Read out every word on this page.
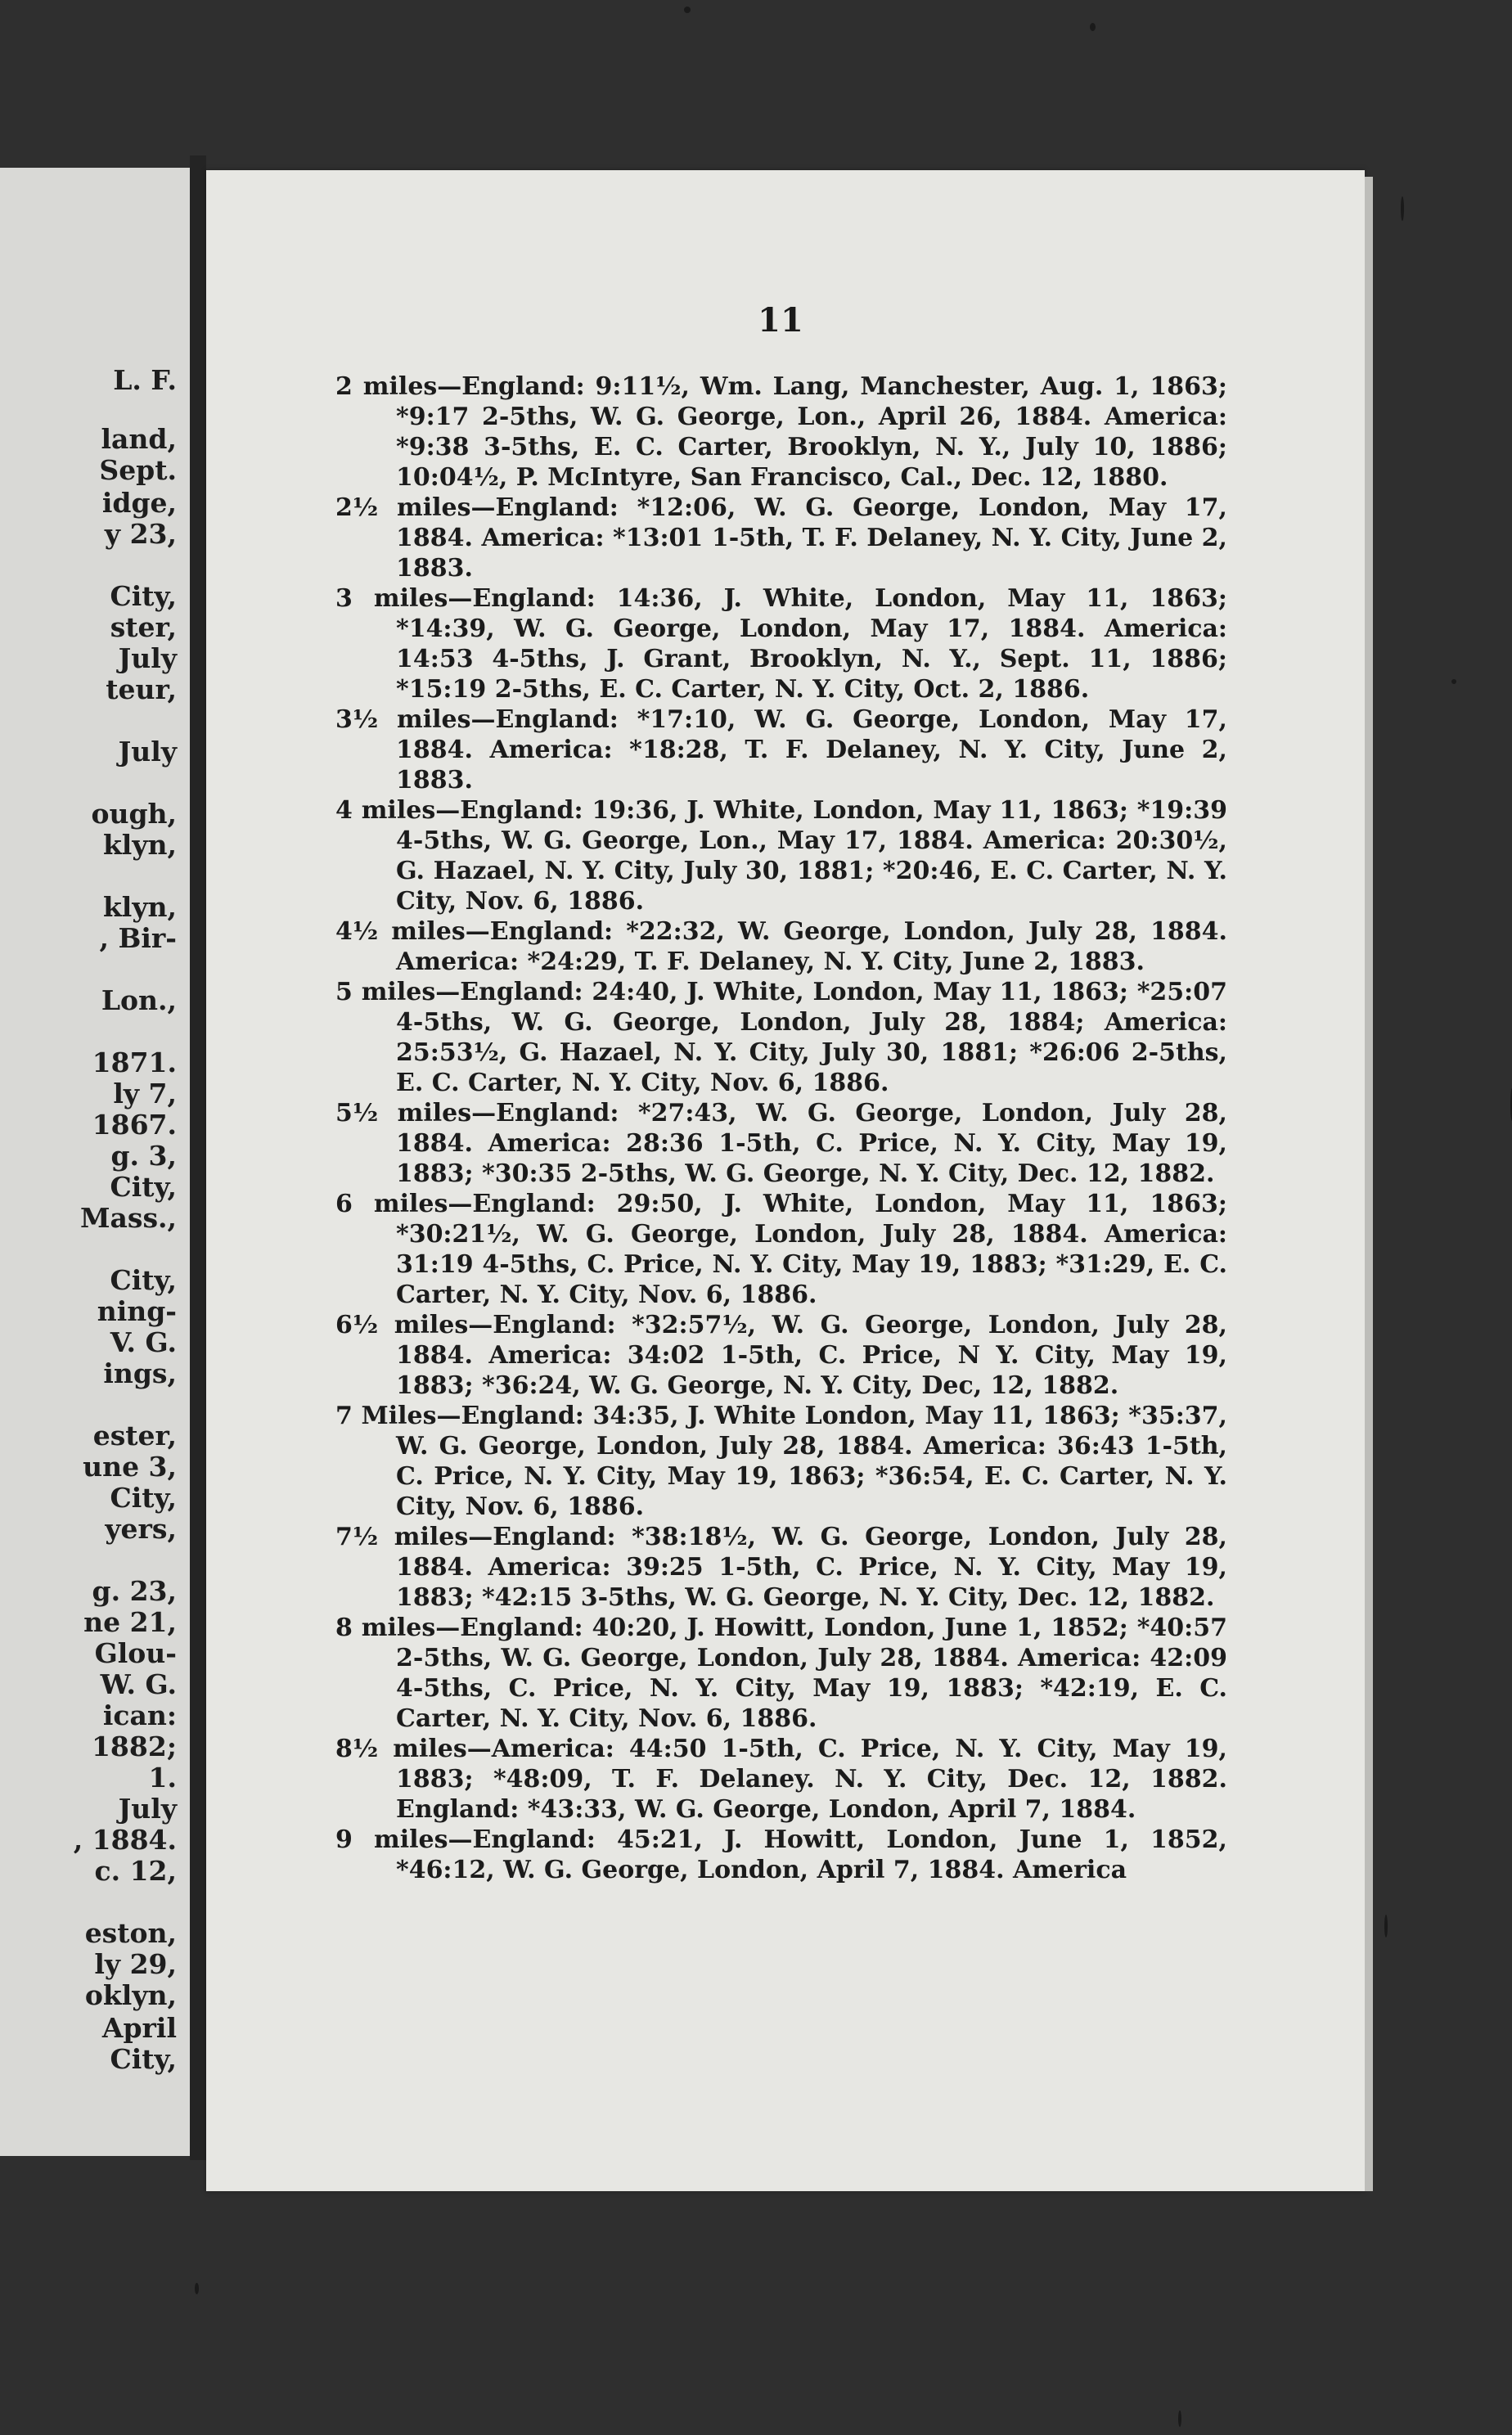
L. F.
land,
Sept.
idge,
y 23,
City,
ster,
July
teur,
July
ough,
klyn,
klyn,
, Bir-
Lon.,
1871.
ly 7,
1867.
g. 3,
City,
Mass.,
City,
ning-
V. G.
ings,
ester,
une 3,
City,
yers,
g. 23,
ne 21,
Glou-
W. G.
ican:
1882;
1.
July
, 1884.
c. 12,
eston,
ly 29,
oklyn,
April
City,
11

2 miles—England: 9:11½, Wm. Lang, Manchester, Aug. 1, 1863; *9:17 2-5ths, W. G. George, Lon., April 26, 1884. America: *9:38 3-5ths, E. C. Carter, Brooklyn, N. Y., July 10, 1886; 10:04½, P. McIntyre, San Francisco, Cal., Dec. 12, 1880.

2½ miles—England: *12:06, W. G. George, London, May 17, 1884. America: *13:01 1-5th, T. F. Delaney, N. Y. City, June 2, 1883.

3 miles—England: 14:36, J. White, London, May 11, 1863; *14:39, W. G. George, London, May 17, 1884. America: 14:53 4-5ths, J. Grant, Brooklyn, N. Y., Sept. 11, 1886; *15:19 2-5ths, E. C. Carter, N. Y. City, Oct. 2, 1886.

3½ miles—England: *17:10, W. G. George, London, May 17, 1884. America: *18:28, T. F. Delaney, N. Y. City, June 2, 1883.

4 miles—England: 19:36, J. White, London, May 11, 1863; *19:39 4-5ths, W. G. George, Lon., May 17, 1884. America: 20:30½, G. Hazael, N. Y. City, July 30, 1881; *20:46, E. C. Carter, N. Y. City, Nov. 6, 1886.

4½ miles—England: *22:32, W. George, London, July 28, 1884. America: *24:29, T. F. Delaney, N. Y. City, June 2, 1883.

5 miles—England: 24:40, J. White, London, May 11, 1863; *25:07 4-5ths, W. G. George, London, July 28, 1884; America: 25:53½, G. Hazael, N. Y. City, July 30, 1881; *26:06 2-5ths, E. C. Carter, N. Y. City, Nov. 6, 1886.

5½ miles—England: *27:43, W. G. George, London, July 28, 1884. America: 28:36 1-5th, C. Price, N. Y. City, May 19, 1883; *30:35 2-5ths, W. G. George, N. Y. City, Dec. 12, 1882.

6 miles—England: 29:50, J. White, London, May 11, 1863; *30:21½, W. G. George, London, July 28, 1884. America: 31:19 4-5ths, C. Price, N. Y. City, May 19, 1883; *31:29, E. C. Carter, N. Y. City, Nov. 6, 1886.

6½ miles—England: *32:57½, W. G. George, London, July 28, 1884. America: 34:02 1-5th, C. Price, N Y. City, May 19, 1883; *36:24, W. G. George, N. Y. City, Dec, 12, 1882.

7 Miles—England: 34:35, J. White London, May 11, 1863; *35:37, W. G. George, London, July 28, 1884. America: 36:43 1-5th, C. Price, N. Y. City, May 19, 1863; *36:54, E. C. Carter, N. Y. City, Nov. 6, 1886.

7½ miles—England: *38:18½, W. G. George, London, July 28, 1884. America: 39:25 1-5th, C. Price, N. Y. City, May 19, 1883; *42:15 3-5ths, W. G. George, N. Y. City, Dec. 12, 1882.

8 miles—England: 40:20, J. Howitt, London, June 1, 1852; *40:57 2-5ths, W. G. George, London, July 28, 1884. America: 42:09 4-5ths, C. Price, N. Y. City, May 19, 1883; *42:19, E. C. Carter, N. Y. City, Nov. 6, 1886.

8½ miles—America: 44:50 1-5th, C. Price, N. Y. City, May 19, 1883; *48:09, T. F. Delaney. N. Y. City, Dec. 12, 1882. England: *43:33, W. G. George, London, April 7, 1884.

9 miles—England: 45:21, J. Howitt, London, June 1, 1852, *46:12, W. G. George, London, April 7, 1884. America
